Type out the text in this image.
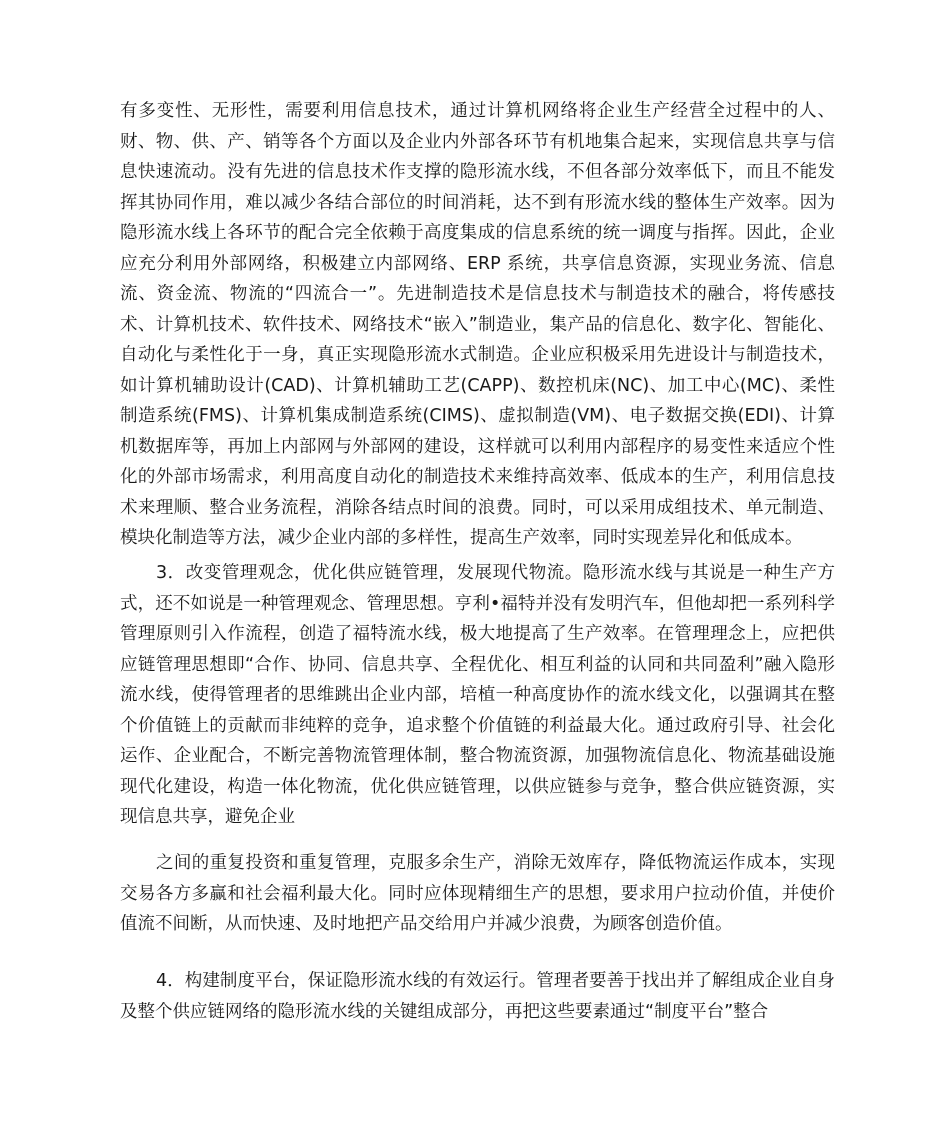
有多变性、无形性，需要利用信息技术，通过计算机网络将企业生产经营全过程中的人、财、物、供、产、销等各个方面以及企业内外部各环节有机地集合起来，实现信息共享与信息快速流动。没有先进的信息技术作支撑的隐形流水线，不但各部分效率低下，而且不能发挥其协同作用，难以减少各结合部位的时间消耗，达不到有形流水线的整体生产效率。因为隐形流水线上各环节的配合完全依赖于高度集成的信息系统的统一调度与指挥。因此，企业应充分利用外部网络，积极建立内部网络、ERP 系统，共享信息资源，实现业务流、信息流、资金流、物流的“四流合一”。先进制造技术是信息技术与制造技术的融合，将传感技术、计算机技术、软件技术、网络技术“嵌入”制造业，集产品的信息化、数字化、智能化、自动化与柔性化于一身，真正实现隐形流水式制造。企业应积极采用先进设计与制造技术，如计算机辅助设计(CAD)、计算机辅助工艺(CAPP)、数控机床(NC)、加工中心(MC)、柔性制造系统(FMS)、计算机集成制造系统(CIMS)、虚拟制造(VM)、电子数据交换(EDI)、计算机数据库等，再加上内部网与外部网的建设，这样就可以利用内部程序的易变性来适应个性化的外部市场需求，利用高度自动化的制造技术来维持高效率、低成本的生产，利用信息技术来理顺、整合业务流程，消除各结点时间的浪费。同时，可以采用成组技术、单元制造、模块化制造等方法，减少企业内部的多样性，提高生产效率，同时实现差异化和低成本。

3．改变管理观念，优化供应链管理，发展现代物流。隐形流水线与其说是一种生产方式，还不如说是一种管理观念、管理思想。亨利•福特并没有发明汽车，但他却把一系列科学管理原则引入作流程，创造了福特流水线，极大地提高了生产效率。在管理理念上，应把供应链管理思想即“合作、协同、信息共享、全程优化、相互利益的认同和共同盈利”融入隐形流水线，使得管理者的思维跳出企业内部，培植一种高度协作的流水线文化，以强调其在整个价值链上的贡献而非纯粹的竞争，追求整个价值链的利益最大化。通过政府引导、社会化运作、企业配合，不断完善物流管理体制，整合物流资源，加强物流信息化、物流基础设施现代化建设，构造一体化物流，优化供应链管理，以供应链参与竞争，整合供应链资源，实现信息共享，避免企业

之间的重复投资和重复管理，克服多余生产，消除无效库存，降低物流运作成本，实现交易各方多赢和社会福利最大化。同时应体现精细生产的思想，要求用户拉动价值，并使价值流不间断，从而快速、及时地把产品交给用户并减少浪费，为顾客创造价值。

4．构建制度平台，保证隐形流水线的有效运行。管理者要善于找出并了解组成企业自身及整个供应链网络的隐形流水线的关键组成部分，再把这些要素通过“制度平台”整合
